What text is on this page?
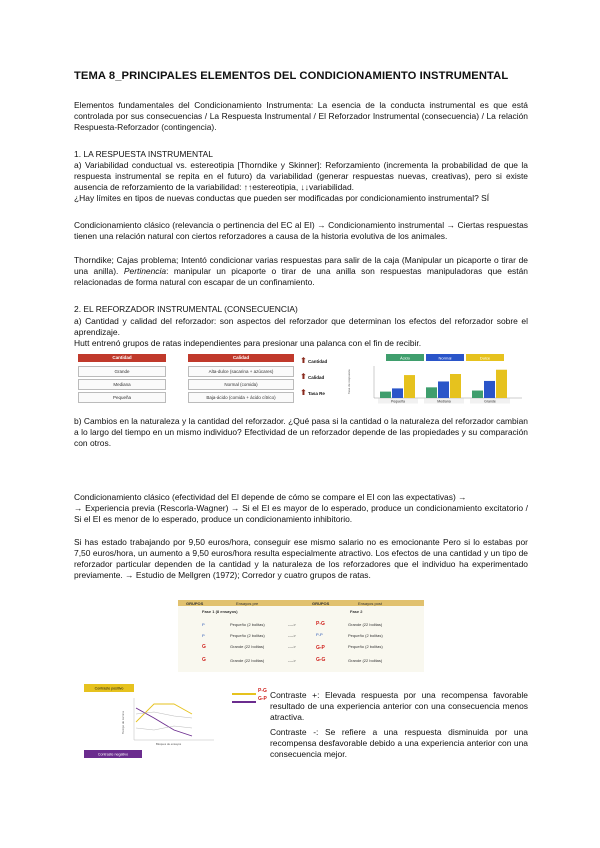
TEMA 8_PRINCIPALES ELEMENTOS DEL CONDICIONAMIENTO INSTRUMENTAL
Elementos fundamentales del Condicionamiento Instrumenta: La esencia de la conducta instrumental es que está controlada por sus consecuencias / La Respuesta Instrumental / El Reforzador Instrumental (consecuencia) / La relación Respuesta-Reforzador (contingencia).
1. LA RESPUESTA INSTRUMENTAL
a) Variabilidad conductual vs. estereotipia [Thorndike y Skinner]: Reforzamiento (incrementa la probabilidad de que la respuesta instrumental se repita en el futuro) da variabilidad (generar respuestas nuevas, creativas), pero si existe ausencia de reforzamiento de la variabilidad: ↑↑estereotipia, ↓↓variabilidad.
¿Hay límites en tipos de nuevas conductas que pueden ser modificadas por condicionamiento instrumental? SÍ
Condicionamiento clásico (relevancia o pertinencia del EC al EI) → Condicionamiento instrumental → Ciertas respuestas tienen una relación natural con ciertos reforzadores a causa de la historia evolutiva de los animales.
Thorndike; Cajas problema; Intentó condicionar varias respuestas para salir de la caja (Manipular un picaporte o tirar de una anilla). Pertinencia: manipular un picaporte o tirar de una anilla son respuestas manipuladoras que están relacionadas de forma natural con escapar de un confinamiento.
2. EL REFORZADOR INSTRUMENTAL (CONSECUENCIA)
a) Cantidad y calidad del reforzador: son aspectos del reforzador que determinan los efectos del reforzador sobre el aprendizaje.
Hutt entrenó grupos de ratas independientes para presionar una palanca con el fin de recibir.
Cantidad
Grande
Mediana
Pequeña
Calidad
Alta-dulce (sacarina + azúcares)
Normal (comida)
Baja-ácido (comida + ácido cítrico)
⬆ Cantidad
⬆ Calidad
⬆ Tasa Re
Ácido	Normal	Dulce
Tasa de respuesta
Pequeña	Mediana	Grande
b) Cambios en la naturaleza y la cantidad del reforzador. ¿Qué pasa si la cantidad o la naturaleza del reforzador cambian a lo largo del tiempo en un mismo individuo? Efectividad de un reforzador depende de las propiedades y su comparación con otros.
Condicionamiento clásico (efectividad del EI depende de cómo se compare el EI con las expectativas) →
→ Experiencia previa (Rescorla-Wagner) → Si el EI es mayor de lo esperado, produce un condicionamiento excitatorio / Si el EI es menor de lo esperado, produce un condicionamiento inhibitorio.
Si has estado trabajando por 9,50 euros/hora, conseguir ese mismo salario no es emocionante Pero si lo estabas por 7,50 euros/hora, un aumento a 9,50 euros/hora resulta especialmente atractivo. Los efectos de una cantidad y un tipo de reforzador particular dependen de la cantidad y la naturaleza de los reforzadores que el individuo ha experimentado previamente. → Estudio de Mellgren (1972); Corredor y cuatro grupos de ratas.
GRUPOS	Ensayos pre	GRUPOS	Ensayos post
Fase 1 (8 ensayos)	Fase 2
P	Pequeño (2 bolitas)	---->	P-G	Grande (22 bolitas)
P	Pequeño (2 bolitas)	---->	P-P	Pequeño (2 bolitas)
G	Grande (22 bolitas)	---->	G-P	Pequeño (2 bolitas)
G	Grande (22 bolitas)	---->	G-G	Grande (22 bolitas)
Contraste positivo
Contraste negativo
Tiempo de carrera
Bloques de ensayos
P-G
G-P Contraste +: Elevada respuesta por una recompensa favorable resultado de una experiencia anterior con una consecuencia menos atractiva.
Contraste -: Se refiere a una respuesta disminuida por una recompensa desfavorable debido a una experiencia anterior con una consecuencia mejor.
